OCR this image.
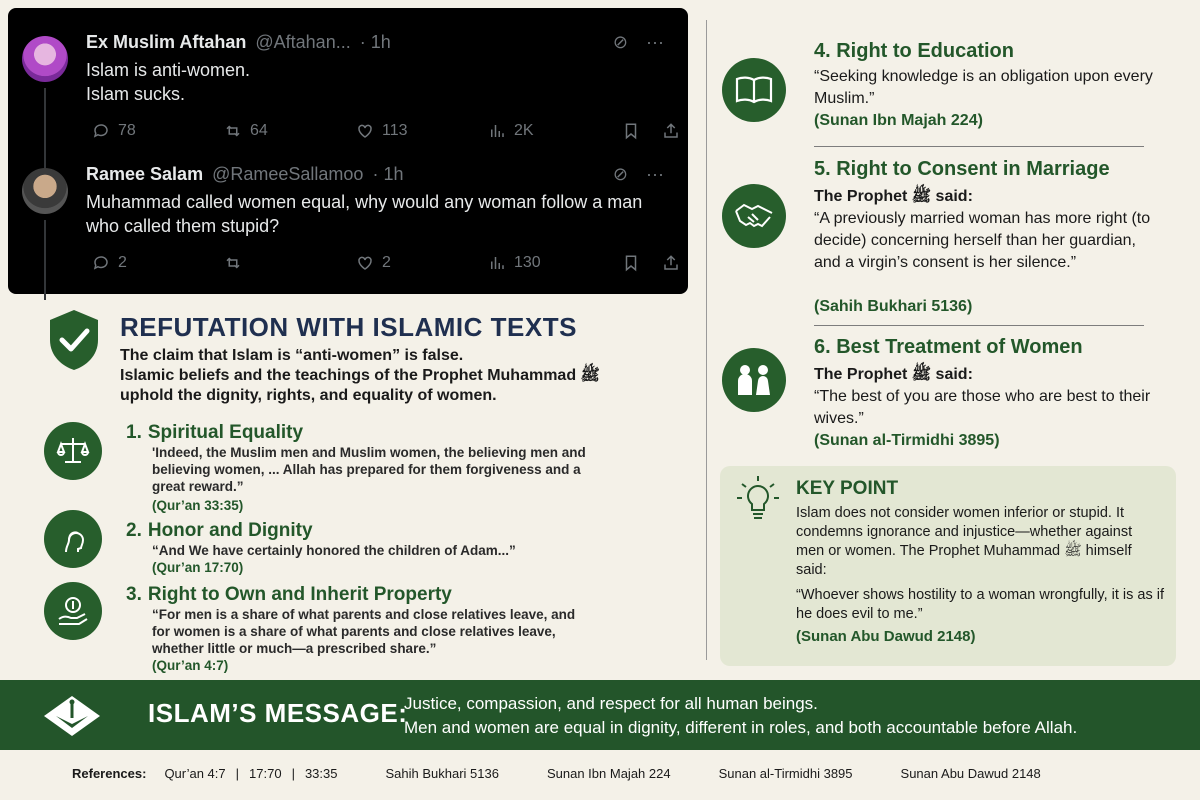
Ex Muslim Aftahan @Aftahan... · 1h	⊘ ···
Islam is anti-women.
Islam sucks.
78	64	113	2K
Ramee Salam @RameeSallamoo · 1h	⊘ ···
Muhammad called women equal, why would any woman follow a man who called them stupid?
2	2	130
REFUTATION WITH ISLAMIC TEXTS
The claim that Islam is “anti-women” is false.
Islamic beliefs and the teachings of the Prophet Muhammad ﷺ
uphold the dignity, rights, and equality of women.
1. Spiritual Equality
'Indeed, the Muslim men and Muslim women, the believing men and believing women, ... Allah has prepared for them forgiveness and a great reward.”
(Qur’an 33:35)
2. Honor and Dignity
“And We have certainly honored the children of Adam...”
(Qur’an 17:70)
3. Right to Own and Inherit Property
“For men is a share of what parents and close relatives leave, and for women is a share of what parents and close relatives leave, whether little or much—a prescribed share.”
(Qur’an 4:7)
4. Right to Education
“Seeking knowledge is an obligation upon every Muslim.”
(Sunan Ibn Majah 224)
5. Right to Consent in Marriage
The Prophet ﷺ said:
“A previously married woman has more right (to decide) concerning herself than her guardian, and a virgin’s consent is her silence.”
(Sahih Bukhari 5136)
6. Best Treatment of Women
The Prophet ﷺ said:
“The best of you are those who are best to their wives.”
(Sunan al-Tirmidhi 3895)
KEY POINT
Islam does not consider women inferior or stupid. It condemns ignorance and injustice—whether against men or women. The Prophet Muhammad ﷺ himself said:
“Whoever shows hostility to a woman wrongfully, it is as if he does evil to me.”
(Sunan Abu Dawud 2148)
ISLAM’S MESSAGE:
Justice, compassion, and respect for all human beings.
Men and women are equal in dignity, different in roles, and both accountable before Allah.
References: Qur’an 4:7 | 17:70 | 33:35	Sahih Bukhari 5136	Sunan Ibn Majah 224	Sunan al-Tirmidhi 3895	Sunan Abu Dawud 2148
